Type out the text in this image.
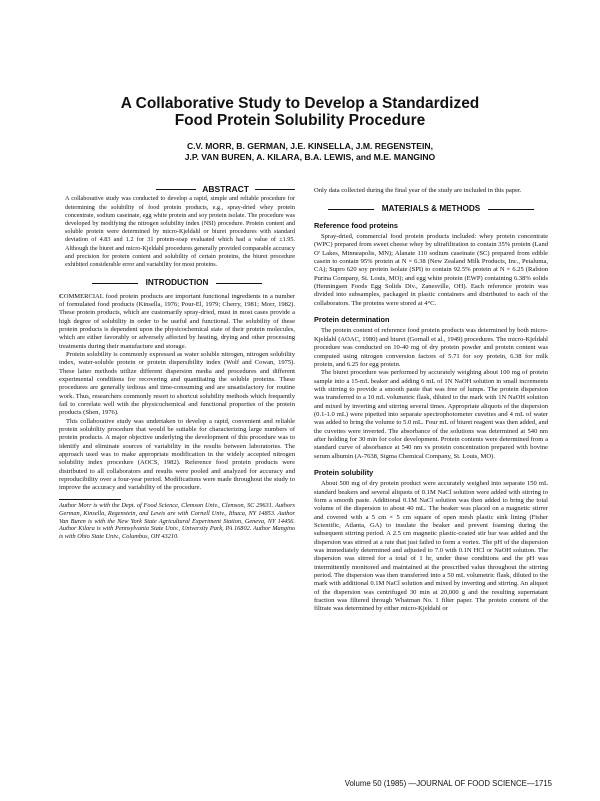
A Collaborative Study to Develop a Standardized
Food Protein Solubility Procedure
C.V. MORR, B. GERMAN, J.E. KINSELLA, J.M. REGENSTEIN,
J.P. VAN BUREN, A. KILARA, B.A. LEWIS, and M.E. MANGINO
ABSTRACT

A collaborative study was conducted to develop a rapid, simple and reliable procedure for determining the solubility of food protein products, e.g., spray-dried whey protein concentrate, sodium caseinate, egg white protein and soy protein isolate. The procedure was developed by modifying the nitrogen solubility index (NSI) procedure. Protein content and soluble protein were determined by micro-Kjeldahl or biuret procedures with standard deviation of 4.83 and 1.2 for 31 protein-soap evaluated which had a value of ±1.95. Although the biuret and micro-Kjeldahl procedures generally provided comparable accuracy and precision for protein content and solubility of certain proteins, the biuret procedure exhibited considerable error and variability for most proteins.

INTRODUCTION

COMMERCIAL food protein products are important functional ingredients in a number of formulated food products (Kinsella, 1976; Pour-El, 1979; Cherry, 1981; Morr, 1982). These protein products, which are customarily spray-dried, must in most cases provide a high degree of solubility in order to be useful and functional. The solubility of these protein products is dependent upon the physicochemical state of their protein molecules, which are either favorably or adversely affected by heating, drying and other processing treatments during their manufacture and storage.

Protein solubility is commonly expressed as water soluble nitrogen, nitrogen solubility index, water-soluble protein or protein dispersibility index (Wolf and Cowan, 1975). These latter methods utilize different dispersion media and procedures and different experimental conditions for recovering and quantitating the soluble proteins. These procedures are generally tedious and time-consuming and are unsatisfactory for routine work. Thus, researchers commonly resort to shortcut solubility methods which frequently fail to correlate well with the physicochemical and functional properties of the protein products (Shen, 1976).

This collaborative study was undertaken to develop a rapid, convenient and reliable protein solubility procedure that would be suitable for characterizing large numbers of protein products. A major objective underlying the development of this procedure was to identify and eliminate sources of variability in the results between laboratories. The approach used was to make appropriate modification in the widely accepted nitrogen solubility index procedure (AOCS, 1982). Reference food protein products were distributed to all collaborators and results were pooled and analyzed for accuracy and reproducibility over a four-year period. Modifications were made throughout the study to improve the accuracy and variability of the procedure.

Author Morr is with the Dept. of Food Science, Clemson Univ., Clemson, SC 29631. Authors German, Kinsella, Regenstein, and Lewis are with Cornell Univ., Ithaca, NY 14853. Author Van Buren is with the New York State Agricultural Experiment Station, Geneva, NY 14456. Author Kilara is with Pennsylvania State Univ., University Park, PA 16802. Author Mangino is with Ohio State Univ., Columbus, OH 43210.

Only data collected during the final year of the study are included in this paper.

MATERIALS & METHODS
Reference food proteins

Spray-dried, commercial food protein products included: whey protein concentrate (WPC) prepared from sweet cheese whey by ultrafiltration to contain 35% protein (Land O' Lakes, Minneapolis, MN); Alanate 110 sodium caseinate (SC) prepared from edible casein to contain 95% protein at N × 6.38 (New Zealand Milk Products, Inc., Petaluma, CA); Supro 620 soy protein isolate (SPI) to contain 92.5% protein at N × 6.25 (Ralston Purina Company, St. Louis, MO); and egg white protein (EWP) containing 6.38% solids (Henningsen Foods Egg Solids Div., Zanesville, OH). Each reference protein was divided into subsamples, packaged in plastic containers and distributed to each of the collaborators. The proteins were stored at 4°C.

Protein determination

The protein content of reference food protein products was determined by both micro-Kjeldahl (AOAC, 1980) and biuret (Gornall et al., 1949) procedures. The micro-Kjeldahl procedure was conducted on 10-40 mg of dry protein powder and protein content was computed using nitrogen conversion factors of 5.71 for soy protein, 6.38 for milk protein, and 6.25 for egg protein.

The biuret procedure was performed by accurately weighing about 100 mg of protein sample into a 15-mL beaker and adding 6 mL of 1N NaOH solution in small increments with stirring to provide a smooth paste that was free of lumps. The protein dispersion was transferred to a 10 mL volumetric flask, diluted to the mark with 1N NaOH solution and mixed by inverting and stirring several times. Appropriate aliquots of the dispersion (0.1-1.0 mL) were pipetted into separate spectrophotometer cuvettes and 4 mL of water was added to bring the volume to 5.0 mL. Four mL of biuret reagent was then added, and the cuvettes were inverted. The absorbance of the solutions was determined at 540 nm after holding for 30 min for color development. Protein contents were determined from a standard curve of absorbance at 540 nm vs protein concentration prepared with bovine serum albumin (A-7638, Sigma Chemical Company, St. Louis, MO).

Protein solubility

About 500 mg of dry protein product were accurately weighed into separate 150 mL standard beakers and several aliquots of 0.1M NaCl solution were added with stirring to form a smooth paste. Additional 0.1M NaCl solution was then added to bring the total volume of the dispersion to about 40 mL. The beaker was placed on a magnetic stirrer and covered with a 5 cm × 5 cm square of open mesh plastic sink lining (Fisher Scientific, Atlanta, GA) to insulate the beaker and prevent foaming during the subsequent stirring period. A 2.5 cm magnetic plastic-coated stir bar was added and the dispersion was stirred at a rate that just failed to form a vortex. The pH of the dispersion was immediately determined and adjusted to 7.0 with 0.1N HCl or NaOH solution. The dispersion was stirred for a total of 1 hr, under these conditions and the pH was intermittently monitored and maintained at the prescribed value throughout the stirring period. The dispersion was then transferred into a 50 mL volumetric flask, diluted to the mark with additional 0.1M NaCl solution and mixed by inverting and stirring. An aliquot of the dispersion was centrifuged 30 min at 20,000 g and the resulting supernatant fraction was filtered through Whatman No. 1 filter paper. The protein content of the filtrate was determined by either micro-Kjeldahl or

Volume 50 (1985) —JOURNAL OF FOOD SCIENCE—1715
